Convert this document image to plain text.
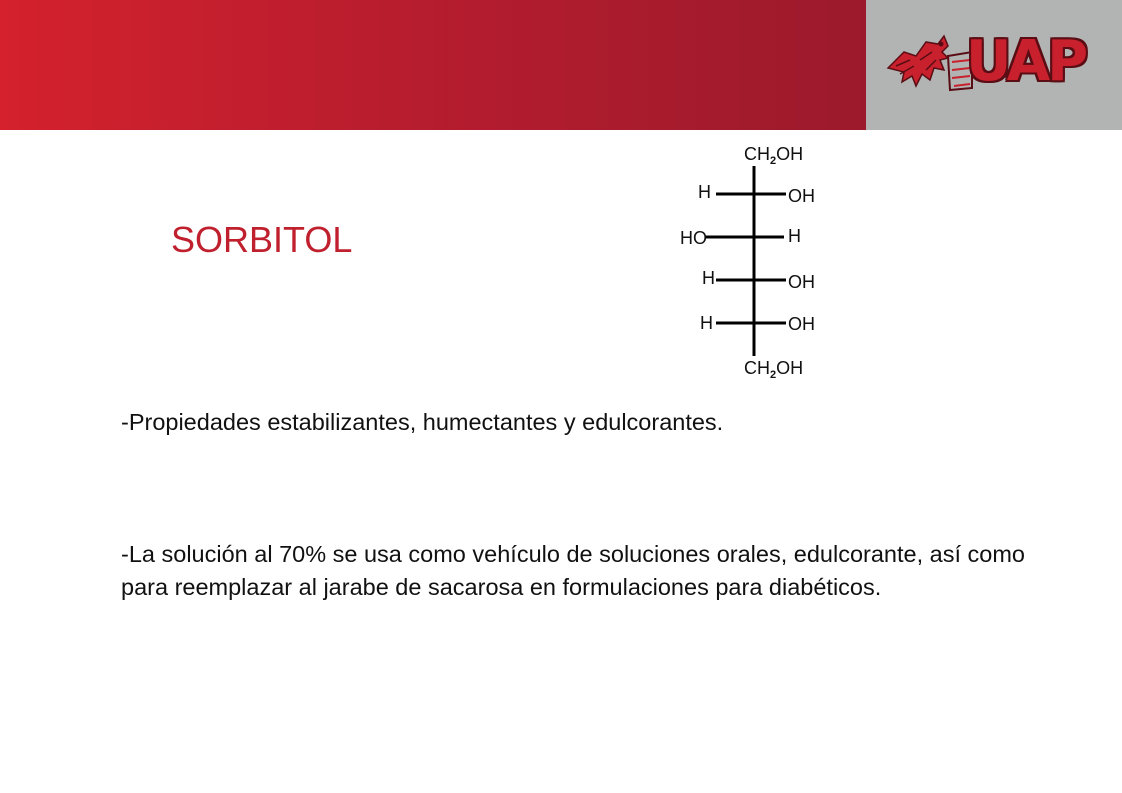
UAP
SORBITOL
$CH_2OH$
H	OH
HO	H
H	OH
H	OH
$CH_2OH$

-Propiedades estabilizantes, humectantes y edulcorantes.

-La solución al 70% se usa como vehículo de soluciones orales, edulcorante, así como para reemplazar al jarabe de sacarosa en formulaciones para diabéticos.
